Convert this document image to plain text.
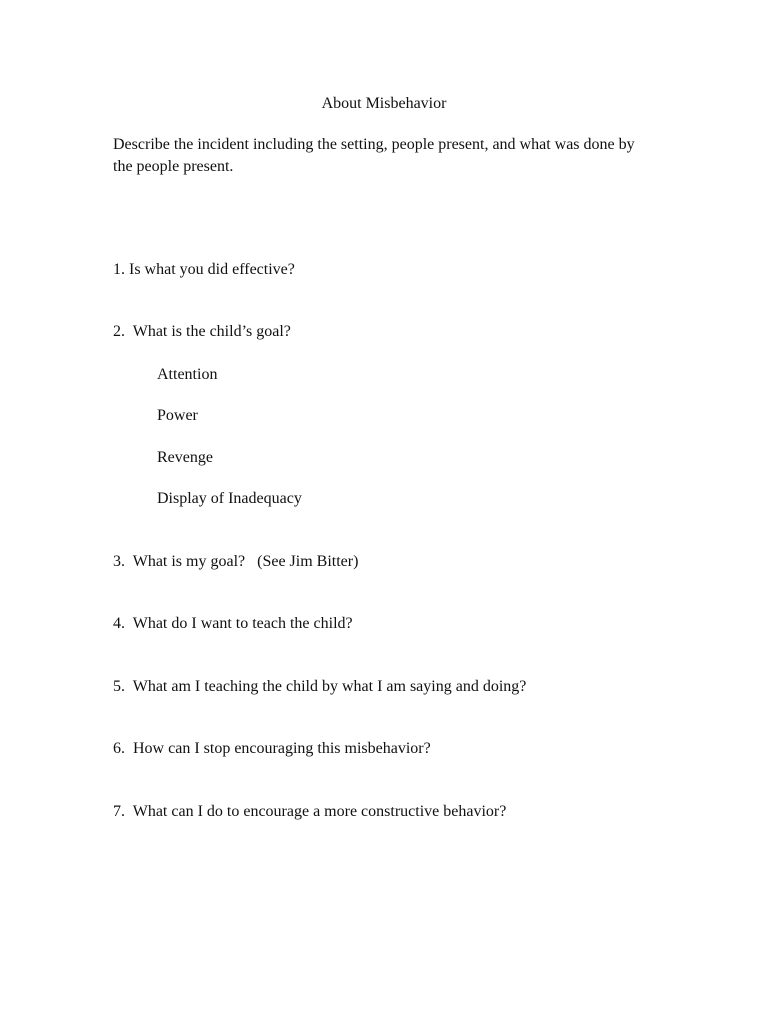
About Misbehavior

Describe the incident including the setting, people present, and what was done by the people present.

1. Is what you did effective?

2.  What is the child’s goal?

Attention

Power

Revenge

Display of Inadequacy

3.  What is my goal?   (See Jim Bitter)

4.  What do I want to teach the child?

5.  What am I teaching the child by what I am saying and doing?

6.  How can I stop encouraging this misbehavior?

7.  What can I do to encourage a more constructive behavior?
